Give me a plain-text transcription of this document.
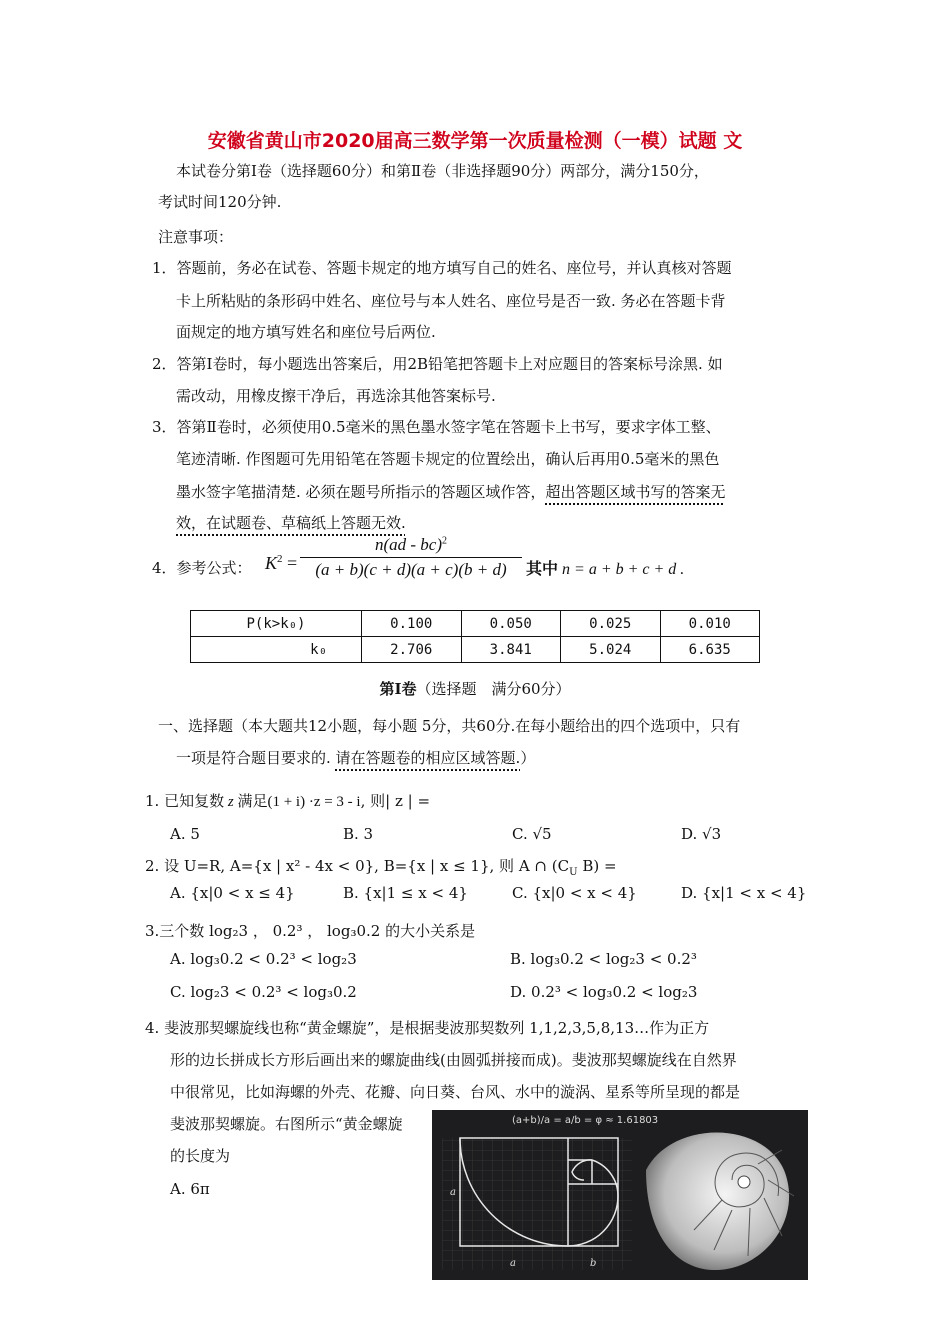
安徽省黄山市2020届高三数学第一次质量检测（一模）试题 文
本试卷分第Ⅰ卷（选择题60分）和第Ⅱ卷（非选择题90分）两部分，满分150分，
考试时间120分钟.
注意事项：
1．答题前，务必在试卷、答题卡规定的地方填写自己的姓名、座位号，并认真核对答题
卡上所粘贴的条形码中姓名、座位号与本人姓名、座位号是否一致. 务必在答题卡背
面规定的地方填写姓名和座位号后两位.
2．答第Ⅰ卷时，每小题选出答案后，用2B铅笔把答题卡上对应题目的答案标号涂黑. 如
需改动，用橡皮擦干净后，再选涂其他答案标号.
3．答第Ⅱ卷时，必须使用0.5毫米的黑色墨水签字笔在答题卡上书写，要求字体工整、
笔迹清晰. 作图题可先用铅笔在答题卡规定的位置绘出，确认后再用0.5毫米的黑色
墨水签字笔描清楚. 必须在题号所指示的答题区域作答，超出答题区域书写的答案无
效，在试题卷、草稿纸上答题无效.
4．参考公式： $K^2$ =
n(ad - bc)$^2$
(a + b)(c + d)(a + c)(b + d)	其中 n = a + b + c + d .
P(k>k₀)	0.100	0.050	0.025	0.010
k₀	2.706	3.841	5.024	6.635
第Ⅰ卷（选择题　满分60分）
一、选择题（本大题共12小题，每小题 5分，共60分.在每小题给出的四个选项中，只有
一项是符合题目要求的. 请在答题卷的相应区域答题.）
1. 已知复数 z 满足(1 + i) ·z = 3 - i, 则| z | =
A. 5	B. 3	C. √5	D. √3
2. 设 U=R, A={x | x² - 4x < 0}, B={x | x ≤ 1}, 则 A ∩ ($C_U$ B) =
A. {x|0 < x ≤ 4}	B. {x|1 ≤ x < 4}	C. {x|0 < x < 4}	D. {x|1 < x < 4}
3.三个数 log₂3 ， 0.2³ ， log₃0.2 的大小关系是
A. log₃0.2 < 0.2³ < log₂3	B. log₃0.2 < log₂3 < 0.2³
C. log₂3 < 0.2³ < log₃0.2	D. 0.2³ < log₃0.2 < log₂3
4. 斐波那契螺旋线也称“黄金螺旋”，是根据斐波那契数列 1,1,2,3,5,8,13…作为正方
形的边长拼成长方形后画出来的螺旋曲线(由圆弧拼接而成)。斐波那契螺旋线在自然界
中很常见，比如海螺的外壳、花瓣、向日葵、台风、水中的漩涡、星系等所呈现的都是
斐波那契螺旋。右图所示“黄金螺旋
的长度为
A. 6π
(a+b)/a = a/b = φ ≈ 1.61803
a	b
a
